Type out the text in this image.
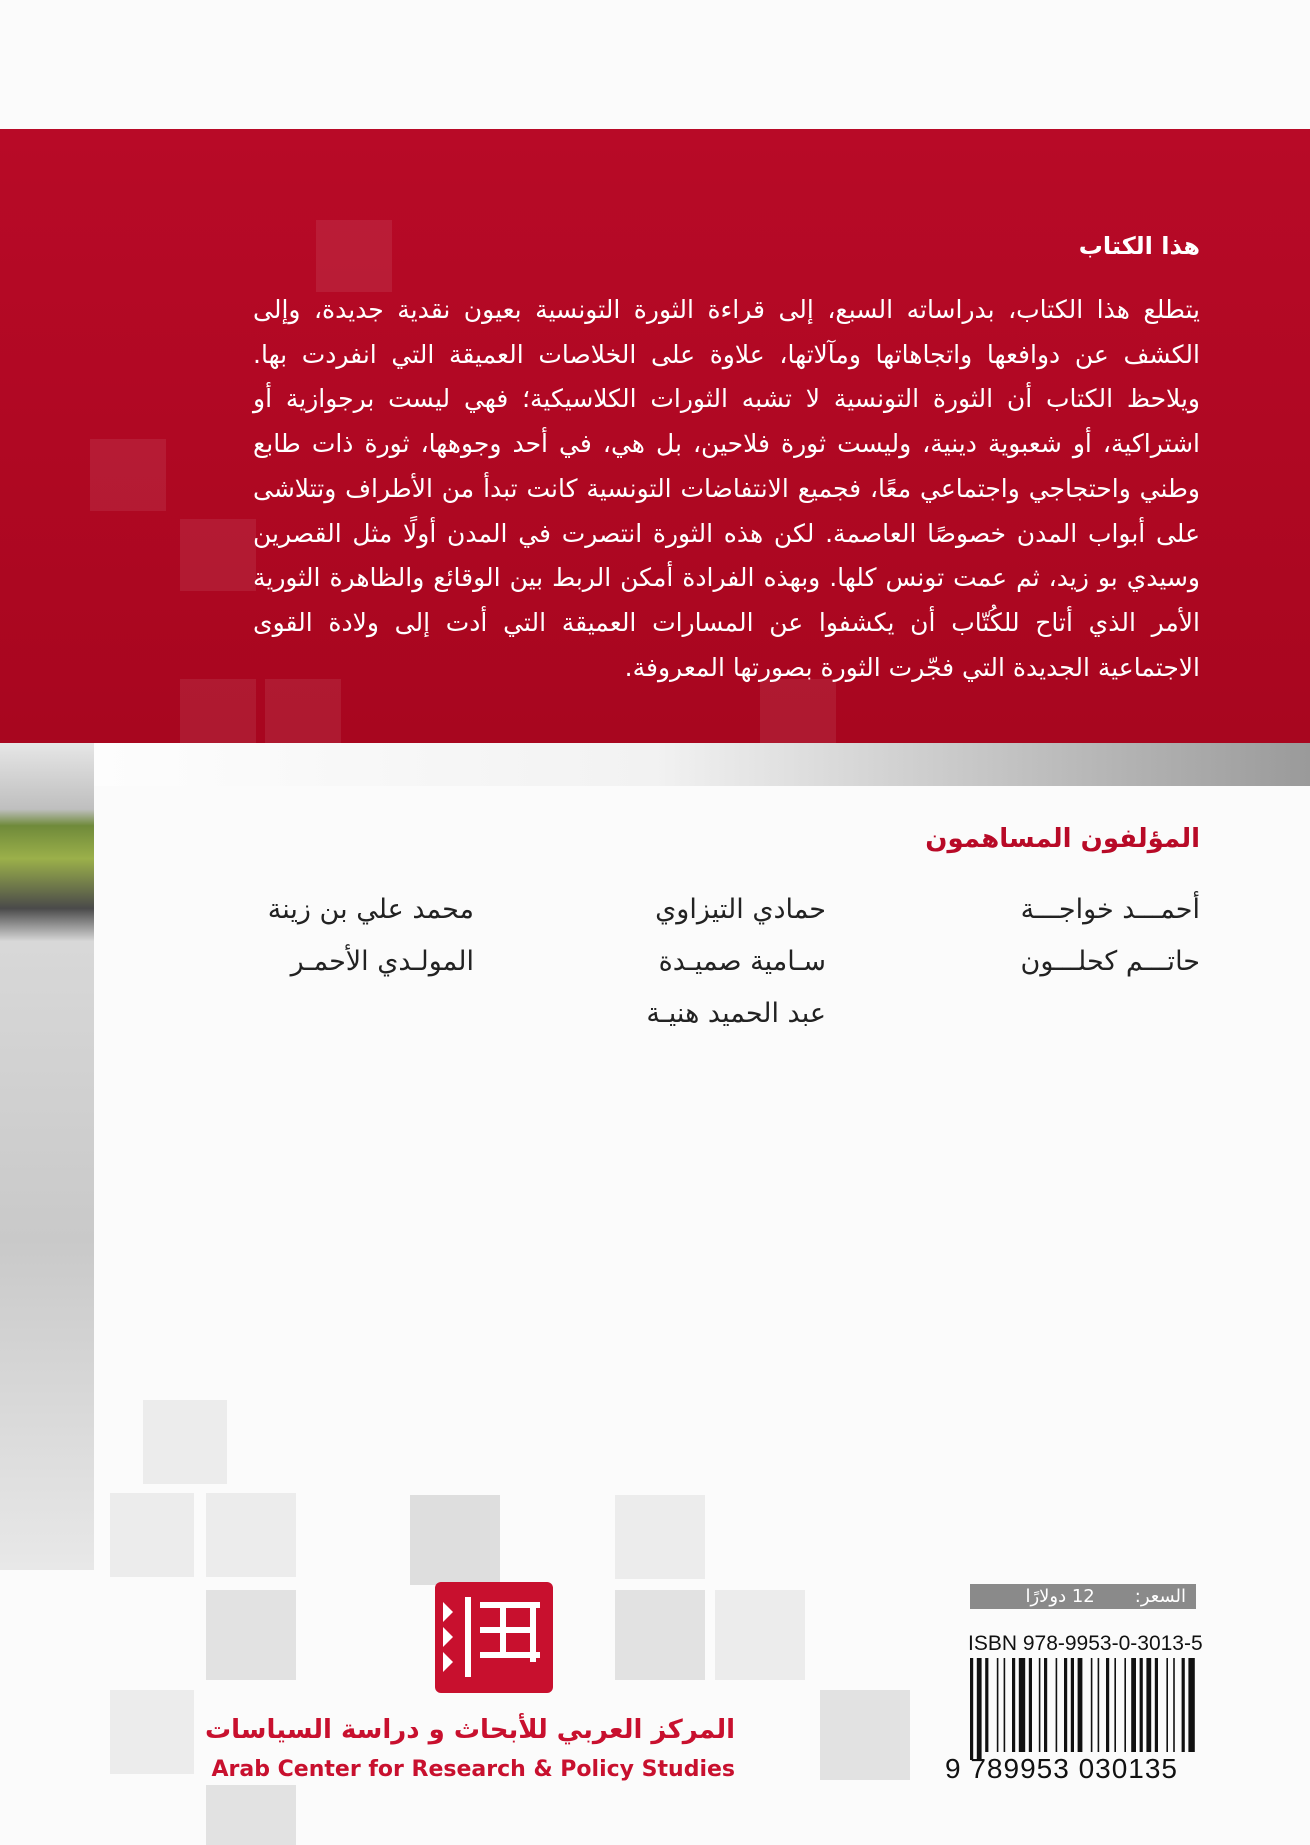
هذا الكتاب
يتطلع هذا الكتاب، بدراساته السبع، إلى قراءة الثورة التونسية بعيون نقدية جديدة، وإلى الكشف عن دوافعها واتجاهاتها ومآلاتها، علاوة على الخلاصات العميقة التي انفردت بها. ويلاحظ الكتاب أن الثورة التونسية لا تشبه الثورات الكلاسيكية؛ فهي ليست برجوازية أو اشتراكية، أو شعبوية دينية، وليست ثورة فلاحين، بل هي، في أحد وجوهها، ثورة ذات طابع وطني واحتجاجي واجتماعي معًا، فجميع الانتفاضات التونسية كانت تبدأ من الأطراف وتتلاشى على أبواب المدن خصوصًا العاصمة. لكن هذه الثورة انتصرت في المدن أولًا مثل القصرين وسيدي بو زيد، ثم عمت تونس كلها. وبهذه الفرادة أمكن الربط بين الوقائع والظاهرة الثورية الأمر الذي أتاح للكُتّاب أن يكشفوا عن المسارات العميقة التي أدت إلى ولادة القوى الاجتماعية الجديدة التي فجّرت الثورة بصورتها المعروفة.
المؤلفون المساهمون
أحمـــد خواجـــة
حاتـــم كحلـــون
حمادي التيزاوي
سـامية صميـدة
عبد الحميد هنيـة
محمد علي بن زينة
المولـدي الأحمـر
المركز العربي للأبحاث و دراسة السياسات
Arab Center for Research & Policy Studies
السعر:
12 دولارًا
ISBN 978-9953-0-3013-5
9 789953 030135
